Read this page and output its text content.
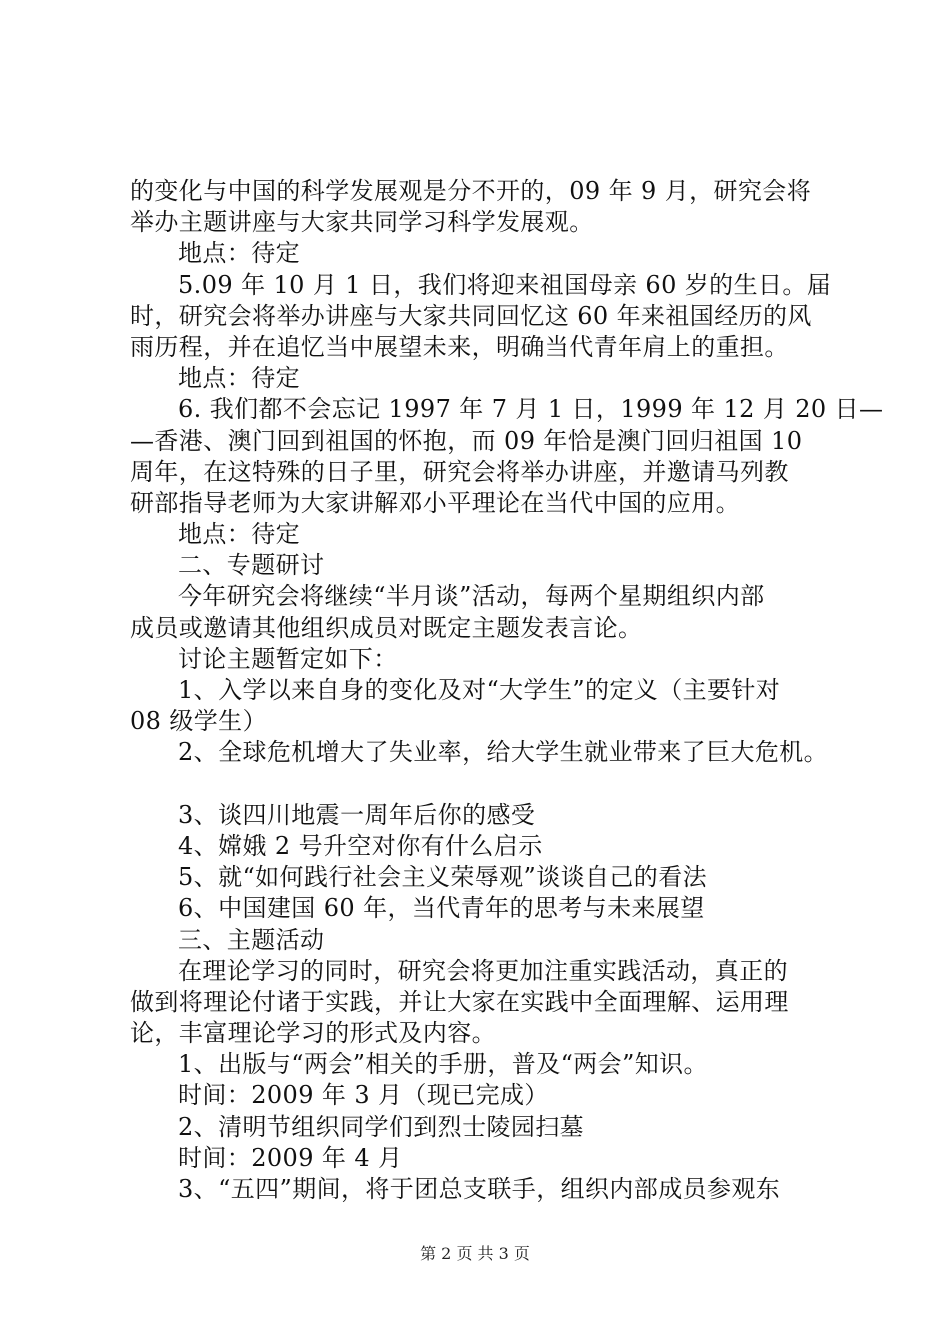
的变化与中国的科学发展观是分不开的，09 年 9 月，研究会将
举办主题讲座与大家共同学习科学发展观。
地点：待定
5.09 年 10 月 1 日，我们将迎来祖国母亲 60 岁的生日。届
时，研究会将举办讲座与大家共同回忆这 60 年来祖国经历的风
雨历程，并在追忆当中展望未来，明确当代青年肩上的重担。
地点：待定
6. 我们都不会忘记 1997 年 7 月 1 日，1999 年 12 月 20 日—
—香港、澳门回到祖国的怀抱，而 09 年恰是澳门回归祖国 10
周年，在这特殊的日子里，研究会将举办讲座，并邀请马列教
研部指导老师为大家讲解邓小平理论在当代中国的应用。
地点：待定
二、专题研讨
今年研究会将继续“半月谈”活动，每两个星期组织内部
成员或邀请其他组织成员对既定主题发表言论。
讨论主题暂定如下：
1、入学以来自身的变化及对“大学生”的定义（主要针对
08 级学生）
2、全球危机增大了失业率，给大学生就业带来了巨大危机。
3、谈四川地震一周年后你的感受
4、嫦娥 2 号升空对你有什么启示
5、就“如何践行社会主义荣辱观”谈谈自己的看法
6、中国建国 60 年，当代青年的思考与未来展望
三、主题活动
在理论学习的同时，研究会将更加注重实践活动，真正的
做到将理论付诸于实践，并让大家在实践中全面理解、运用理
论，丰富理论学习的形式及内容。
1、出版与“两会”相关的手册，普及“两会”知识。
时间：2009 年 3 月（现已完成）
2、清明节组织同学们到烈士陵园扫墓
时间：2009 年 4 月
3、“五四”期间，将于团总支联手，组织内部成员参观东
第 2 页 共 3 页
